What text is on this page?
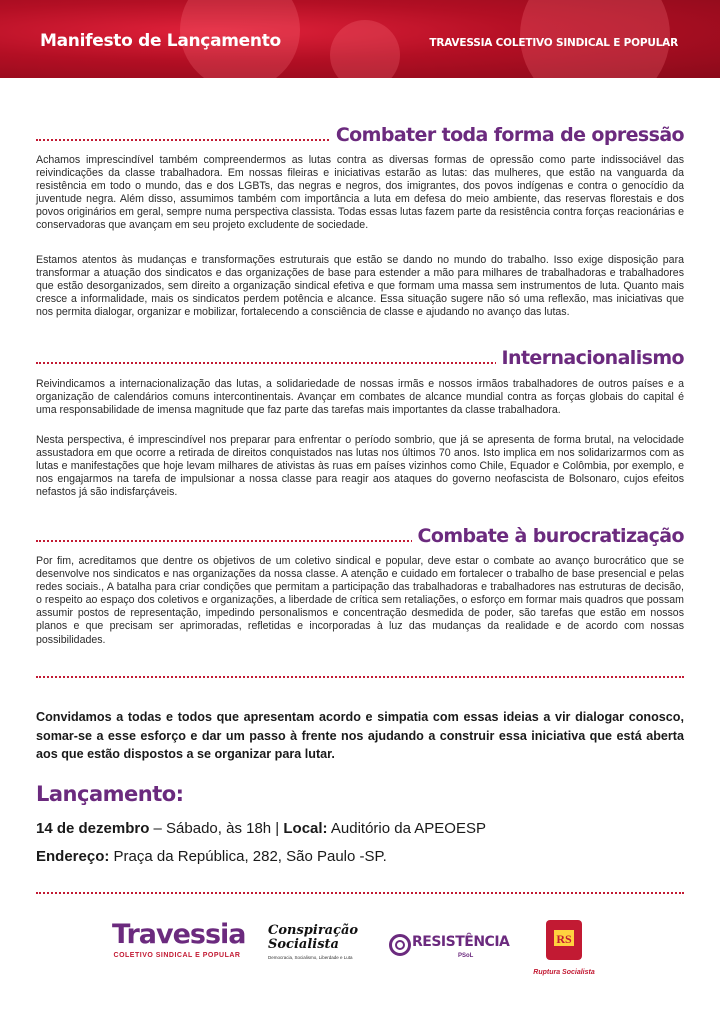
Manifesto de Lançamento	TRAVESSIA COLETIVO SINDICAL E POPULAR
Combater toda forma de opressão

Achamos imprescindível também compreendermos as lutas contra as diversas formas de opressão como parte indissociável das reivindicações da classe trabalhadora. Em nossas fileiras e iniciativas estarão as lutas: das mulheres, que estão na vanguarda da resistência em todo o mundo, das e dos LGBTs, das negras e negros, dos imigrantes, dos povos indígenas e contra o genocídio da juventude negra. Além disso, assumimos também com importância a luta em defesa do meio ambiente, das reservas florestais e dos povos originários em geral, sempre numa perspectiva classista. Todas essas lutas fazem parte da resistência contra forças reacionárias e conservadoras que avançam em seu projeto excludente de sociedade.

Estamos atentos às mudanças e transformações estruturais que estão se dando no mundo do trabalho. Isso exige disposição para transformar a atuação dos sindicatos e das organizações de base para estender a mão para milhares de trabalhadoras e trabalhadores que estão desorganizados, sem direito a organização sindical efetiva e que formam uma massa sem instrumentos de luta. Quanto mais cresce a informalidade, mais os sindicatos perdem potência e alcance. Essa situação sugere não só uma reflexão, mas iniciativas que nos permita dialogar, organizar e mobilizar, fortalecendo a consciência de classe e ajudando no avanço das lutas.

Internacionalismo

Reivindicamos a internacionalização das lutas, a solidariedade de nossas irmãs e nossos irmãos trabalhadores de outros países e a organização de calendários comuns intercontinentais. Avançar em combates de alcance mundial contra as forças globais do capital é uma responsabilidade de imensa magnitude que faz parte das tarefas mais importantes da classe trabalhadora.

Nesta perspectiva, é imprescindível nos preparar para enfrentar o período sombrio, que já se apresenta de forma brutal, na velocidade assustadora em que ocorre a retirada de direitos conquistados nas lutas nos últimos 70 anos. Isto implica em nos solidarizarmos com as lutas e manifestações que hoje levam milhares de ativistas às ruas em países vizinhos como Chile, Equador e Colômbia, por exemplo, e nos engajarmos na tarefa de impulsionar a nossa classe para reagir aos ataques do governo neofascista de Bolsonaro, cujos efeitos nefastos já são indisfarçáveis.

Combate à burocratização

Por fim, acreditamos que dentre os objetivos de um coletivo sindical e popular, deve estar o combate ao avanço burocrático que se desenvolve nos sindicatos e nas organizações da nossa classe. A atenção e cuidado em fortalecer o trabalho de base presencial e pelas redes sociais., A batalha para criar condições que permitam a participação das trabalhadoras e trabalhadores nas estruturas de decisão, o respeito ao espaço dos coletivos e organizações, a liberdade de crítica sem retaliações, o esforço em formar mais quadros que possam assumir postos de representação, impedindo personalismos e concentração desmedida de poder, são tarefas que estão em nossos planos e que precisam ser aprimoradas, refletidas e incorporadas à luz das mudanças da realidade e de acordo com nossas possibilidades.

Convidamos a todas e todos que apresentam acordo e simpatia com essas ideias a vir dialogar conosco, somar-se a esse esforço e dar um passo à frente nos ajudando a construir essa iniciativa que está aberta aos que estão dispostos a se organizar para lutar.

Lançamento:
14 de dezembro – Sábado, às 18h | Local: Auditório da APEOESP
Endereço: Praça da República, 282, São Paulo -SP.
Travessia
COLETIVO SINDICAL E POPULAR
Conspiração
Socialista
Democracia, Socialismo, Liberdade e Luta
RESISTÊNCIA
PSoL
RS
Ruptura Socialista
